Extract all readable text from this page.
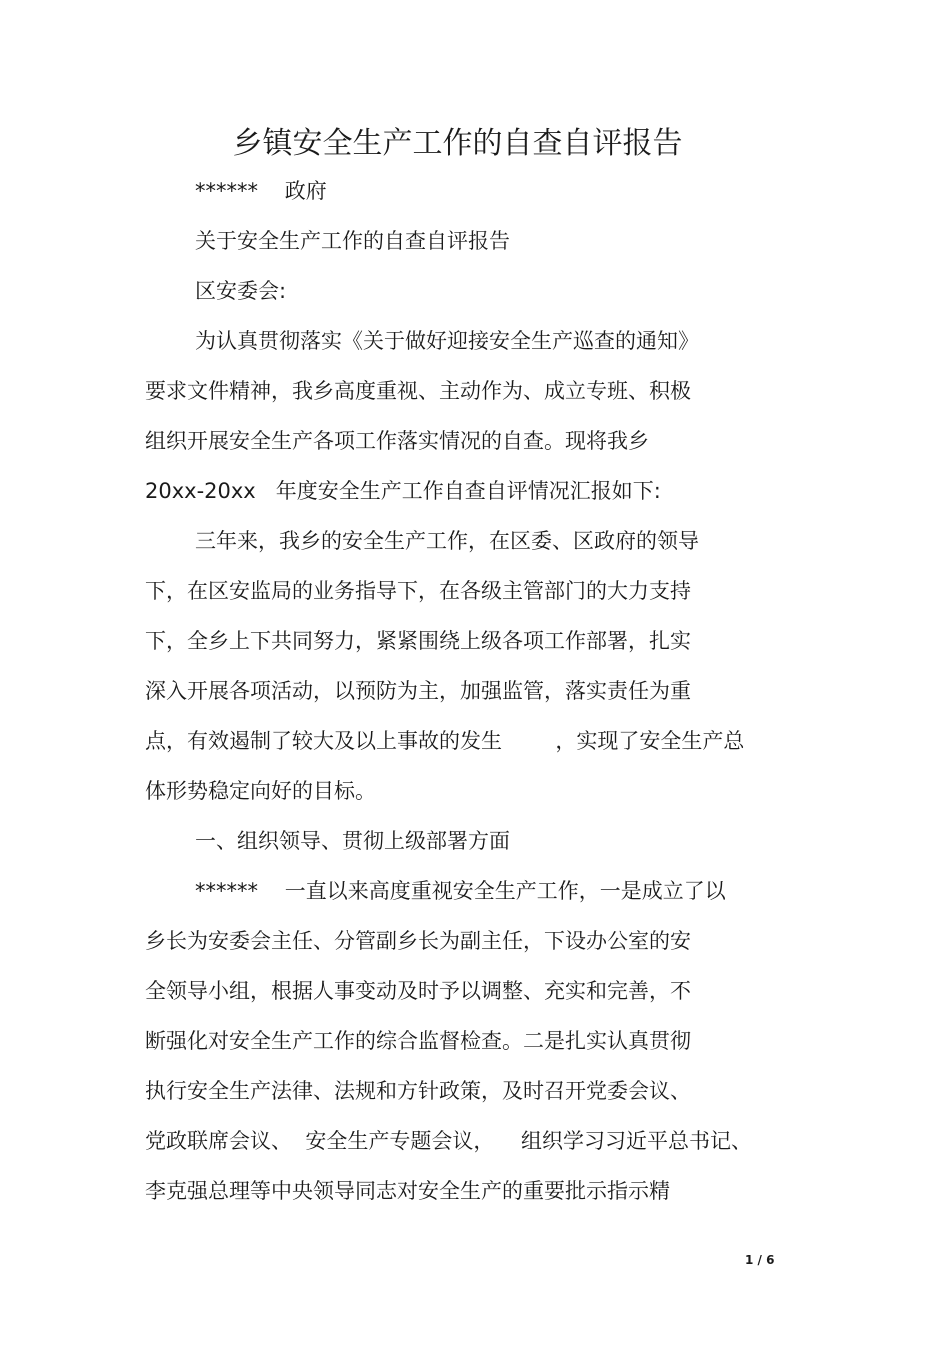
乡镇安全生产工作的自查自评报告
******    政府
关于安全生产工作的自查自评报告
区安委会:
为认真贯彻落实《关于做好迎接安全生产巡查的通知》
要求文件精神，我乡高度重视、主动作为、成立专班、积极
组织开展安全生产各项工作落实情况的自查。现将我乡
20xx-20xx   年度安全生产工作自查自评情况汇报如下:
三年来，我乡的安全生产工作，在区委、区政府的领导
下，在区安监局的业务指导下，在各级主管部门的大力支持
下，全乡上下共同努力，紧紧围绕上级各项工作部署，扎实
深入开展各项活动，以预防为主，加强监管，落实责任为重
点，有效遏制了较大及以上事故的发生        ，实现了安全生产总
体形势稳定向好的目标。
一、组织领导、贯彻上级部署方面
******    一直以来高度重视安全生产工作，一是成立了以
乡长为安委会主任、分管副乡长为副主任，下设办公室的安
全领导小组，根据人事变动及时予以调整、充实和完善，不
断强化对安全生产工作的综合监督检查。二是扎实认真贯彻
执行安全生产法律、法规和方针政策，及时召开党委会议、
党政联席会议、  安全生产专题会议，    组织学习习近平总书记、
李克强总理等中央领导同志对安全生产的重要批示指示精
1 / 6
